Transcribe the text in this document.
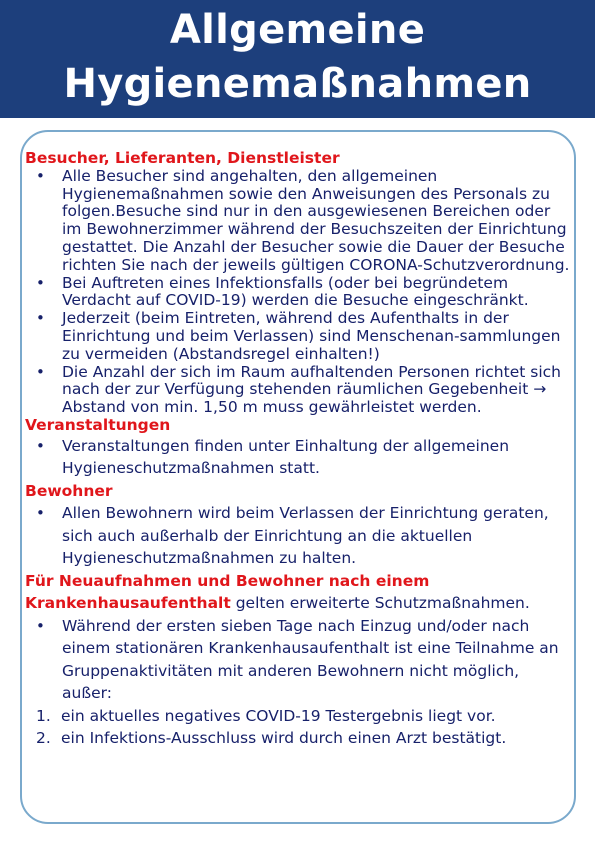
Allgemeine
Hygienemaßnahmen

Besucher, Lieferanten, Dienstleister

• Alle Besucher sind angehalten, den allgemeinen Hygienemaßnahmen sowie den Anweisungen des Personals zu folgen.Besuche sind nur in den ausgewiesenen Bereichen oder im Bewohnerzimmer während der Besuchszeiten der Einrichtung gestattet. Die Anzahl der Besucher sowie die Dauer der Besuche richten Sie nach der jeweils gültigen CORONA-Schutzverordnung.
• Bei Auftreten eines Infektionsfalls (oder bei begründetem Verdacht auf COVID-19) werden die Besuche eingeschränkt.
• Jederzeit (beim Eintreten, während des Aufenthalts in der Einrichtung und beim Verlassen) sind Menschenan-sammlungen zu vermeiden (Abstandsregel einhalten!)
• Die Anzahl der sich im Raum aufhaltenden Personen richtet sich nach der zur Verfügung stehenden räumlichen Gegebenheit → Abstand von min. 1,50 m muss gewährleistet werden.

Veranstaltungen

• Veranstaltungen finden unter Einhaltung der allgemeinen Hygieneschutzmaßnahmen statt.

Bewohner

• Allen Bewohnern wird beim Verlassen der Einrichtung geraten, sich auch außerhalb der Einrichtung an die aktuellen Hygieneschutzmaßnahmen zu halten.

Für Neuaufnahmen und Bewohner nach einem Krankenhausaufenthalt gelten erweiterte Schutzmaßnahmen.

• Während der ersten sieben Tage nach Einzug und/oder nach einem stationären Krankenhausaufenthalt ist eine Teilnahme an Gruppenaktivitäten mit anderen Bewohnern nicht möglich, außer:
1. ein aktuelles negatives COVID-19 Testergebnis liegt vor.
2. ein Infektions-Ausschluss wird durch einen Arzt bestätigt.
